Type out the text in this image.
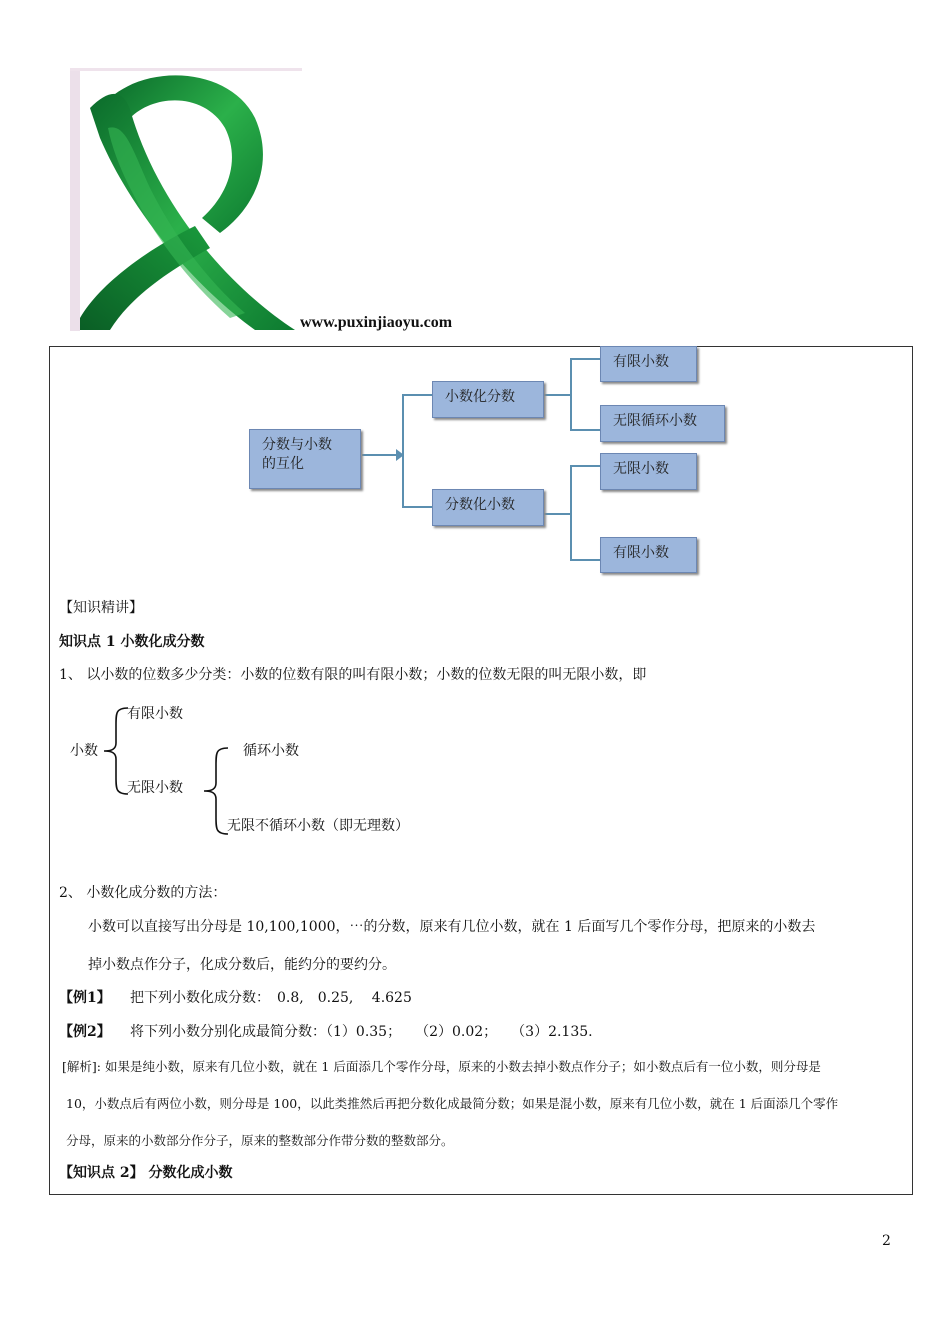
www.puxinjiaoyu.com
分数与小数
的互化
小数化分数
分数化小数
有限小数
无限循环小数
无限小数
有限小数
【知识精讲】
知识点 1 小数化成分数
1、 以小数的位数多少分类：小数的位数有限的叫有限小数；小数的位数无限的叫无限小数，即
小数
有限小数
无限小数
循环小数
无限不循环小数（即无理数）
2、 小数化成分数的方法：
小数可以直接写出分母是 10,100,1000，⋯的分数，原来有几位小数，就在 1 后面写几个零作分母，把原来的小数去
掉小数点作分子，化成分数后，能约分的要约分。
【例1】 把下列小数化成分数：　0.8,　0.25,　 4.625
【例2】 将下列小数分别化成最简分数：（1）0.35；　　（2）0.02；　　（3）2.135.
[解析]: 如果是纯小数，原来有几位小数，就在 1 后面添几个零作分母，原来的小数去掉小数点作分子；如小数点后有一位小数，则分母是
10，小数点后有两位小数，则分母是 100，以此类推然后再把分数化成最简分数；如果是混小数，原来有几位小数，就在 1 后面添几个零作
分母，原来的小数部分作分子，原来的整数部分作带分数的整数部分。
【知识点 2】 分数化成小数
2
